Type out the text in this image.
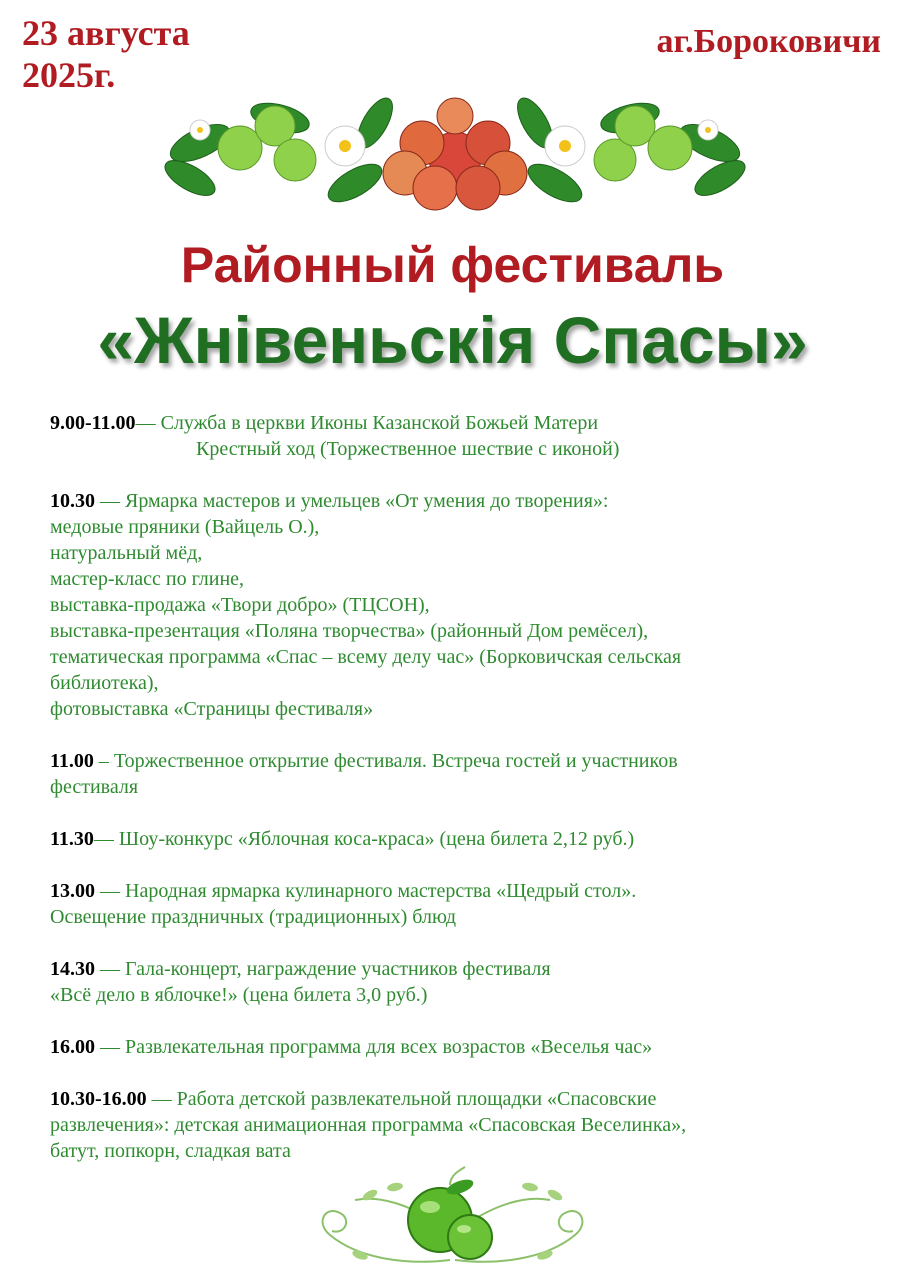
23 августа
2025г.
аг.Бороковичи
Районный фестиваль
«Жнiвеньскiя Спасы»
9.00-11.00— Служба в церкви Иконы Казанской Божьей Матери
Крестный ход (Торжественное шествие с иконой)
10.30 — Ярмарка мастеров и умельцев «От умения до творения»:
медовые пряники (Вайцель О.),
натуральный мёд,
мастер-класс по глине,
выставка-продажа «Твори добро» (ТЦСОН),
выставка-презентация «Поляна творчества» (районный Дом ремёсел),
тематическая программа «Спас – всему делу час» (Борковичская сельская
библиотека),
фотовыставка «Страницы фестиваля»
11.00 – Торжественное открытие фестиваля. Встреча гостей и участников
фестиваля
11.30— Шоу-конкурс «Яблочная коса-краса» (цена билета 2,12 руб.)
13.00 — Народная ярмарка кулинарного мастерства «Щедрый стол».
Освещение праздничных (традиционных) блюд
14.30 — Гала-концерт, награждение участников фестиваля
«Всё дело в яблочке!» (цена билета 3,0 руб.)
16.00 — Развлекательная программа для всех возрастов «Веселья час»
10.30-16.00 — Работа детской развлекательной площадки «Спасовские
развлечения»: детская анимационная программа «Спасовская Веселинка»,
батут, попкорн, сладкая вата
